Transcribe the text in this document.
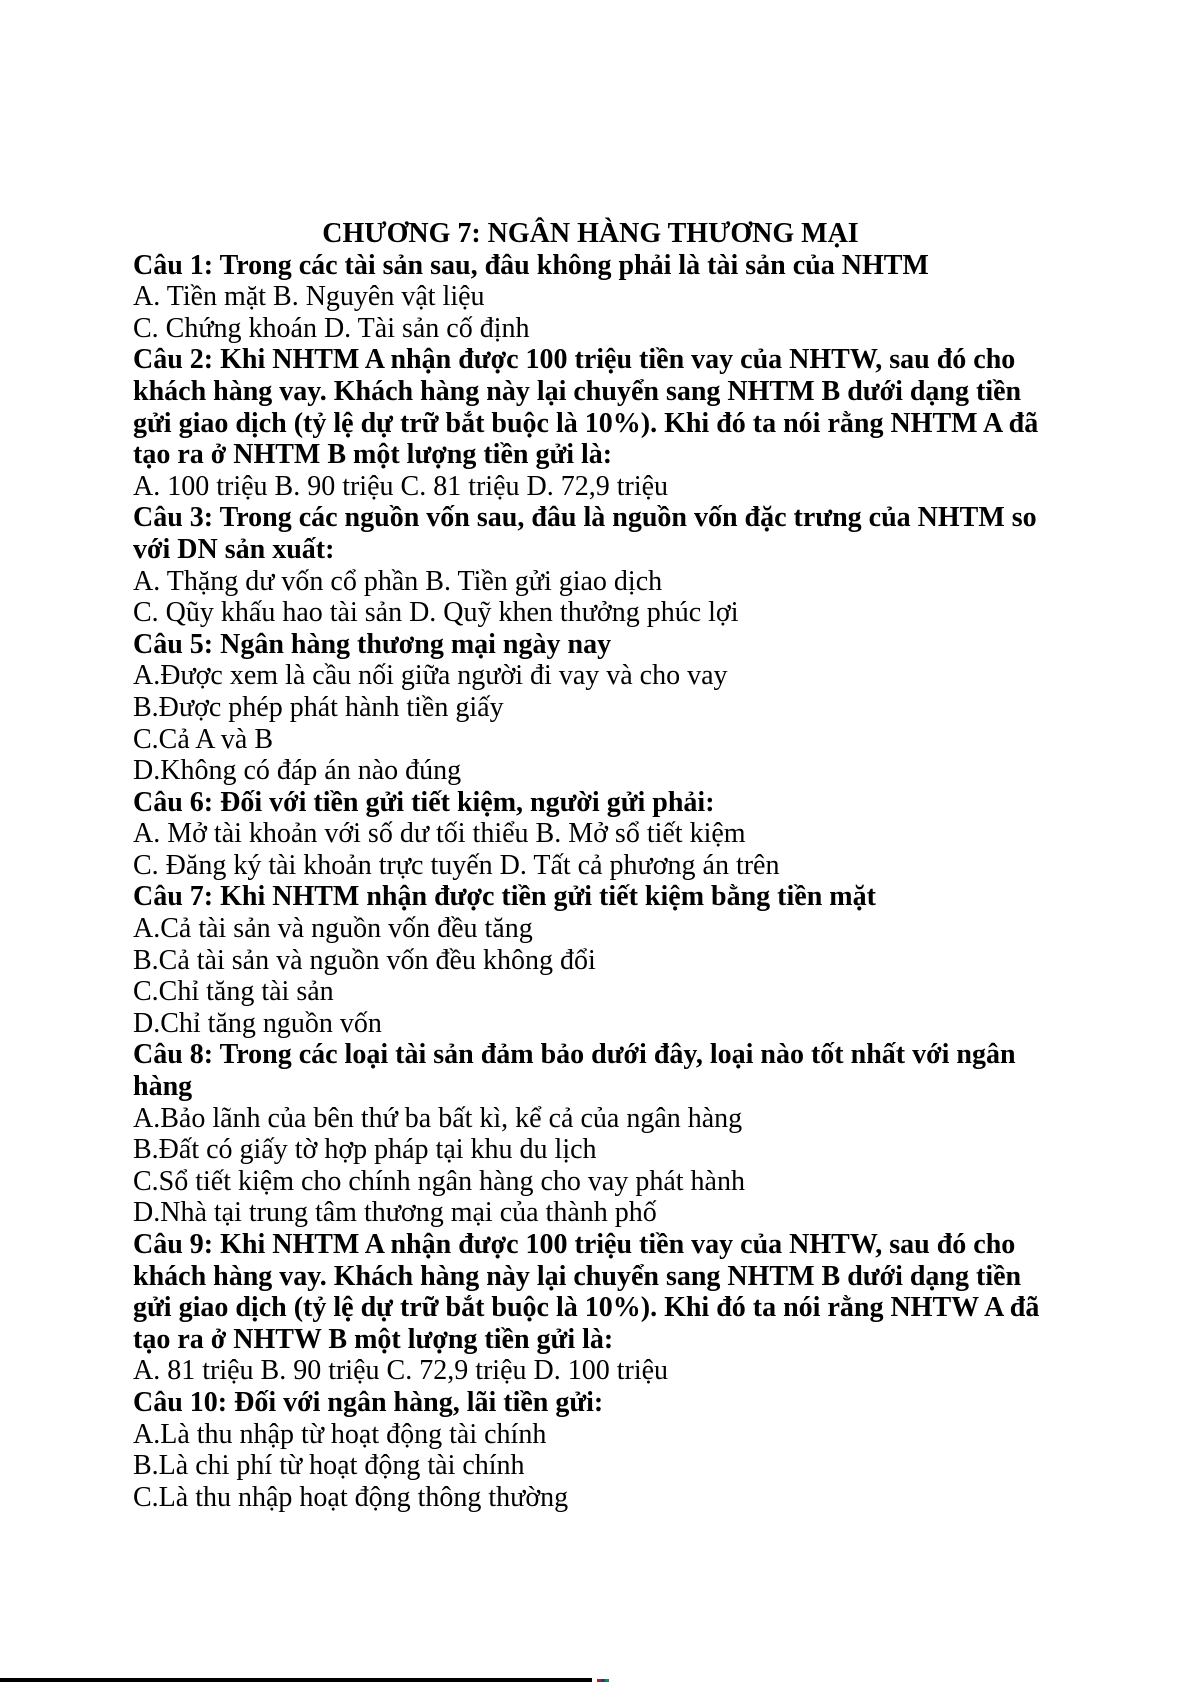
CHƯƠNG 7: NGÂN HÀNG THƯƠNG MẠI
Câu 1: Trong các tài sản sau, đâu không phải là tài sản của NHTM
A. Tiền mặt B. Nguyên vật liệu
C. Chứng khoán D. Tài sản cố định
Câu 2: Khi NHTM A nhận được 100 triệu tiền vay của NHTW, sau đó cho
khách hàng vay. Khách hàng này lại chuyển sang NHTM B dưới dạng tiền
gửi giao dịch (tỷ lệ dự trữ bắt buộc là 10%). Khi đó ta nói rằng NHTM A đã
tạo ra ở NHTM B một lượng tiền gửi là:
A. 100 triệu B. 90 triệu C. 81 triệu D. 72,9 triệu
Câu 3: Trong các nguồn vốn sau, đâu là nguồn vốn đặc trưng của NHTM so
với DN sản xuất:
A. Thặng dư vốn cổ phần B. Tiền gửi giao dịch
C. Qũy khấu hao tài sản D. Quỹ khen thưởng phúc lợi
Câu 5: Ngân hàng thương mại ngày nay
A.Được xem là cầu nối giữa người đi vay và cho vay
B.Được phép phát hành tiền giấy
C.Cả A và B
D.Không có đáp án nào đúng
Câu 6: Đối với tiền gửi tiết kiệm, người gửi phải:
A. Mở tài khoản với số dư tối thiểu B. Mở sổ tiết kiệm
C. Đăng ký tài khoản trực tuyến D. Tất cả phương án trên
Câu 7: Khi NHTM nhận được tiền gửi tiết kiệm bằng tiền mặt
A.Cả tài sản và nguồn vốn đều tăng
B.Cả tài sản và nguồn vốn đều không đổi
C.Chỉ tăng tài sản
D.Chỉ tăng nguồn vốn
Câu 8: Trong các loại tài sản đảm bảo dưới đây, loại nào tốt nhất với ngân
hàng
A.Bảo lãnh của bên thứ ba bất kì, kể cả của ngân hàng
B.Đất có giấy tờ hợp pháp tại khu du lịch
C.Sổ tiết kiệm cho chính ngân hàng cho vay phát hành
D.Nhà tại trung tâm thương mại của thành phố
Câu 9: Khi NHTM A nhận được 100 triệu tiền vay của NHTW, sau đó cho
khách hàng vay. Khách hàng này lại chuyển sang NHTM B dưới dạng tiền
gửi giao dịch (tỷ lệ dự trữ bắt buộc là 10%). Khi đó ta nói rằng NHTW A đã
tạo ra ở NHTW B một lượng tiền gửi là:
A. 81 triệu B. 90 triệu C. 72,9 triệu D. 100 triệu
Câu 10: Đối với ngân hàng, lãi tiền gửi:
A.Là thu nhập từ hoạt động tài chính
B.Là chi phí từ hoạt động tài chính
C.Là thu nhập hoạt động thông thường
